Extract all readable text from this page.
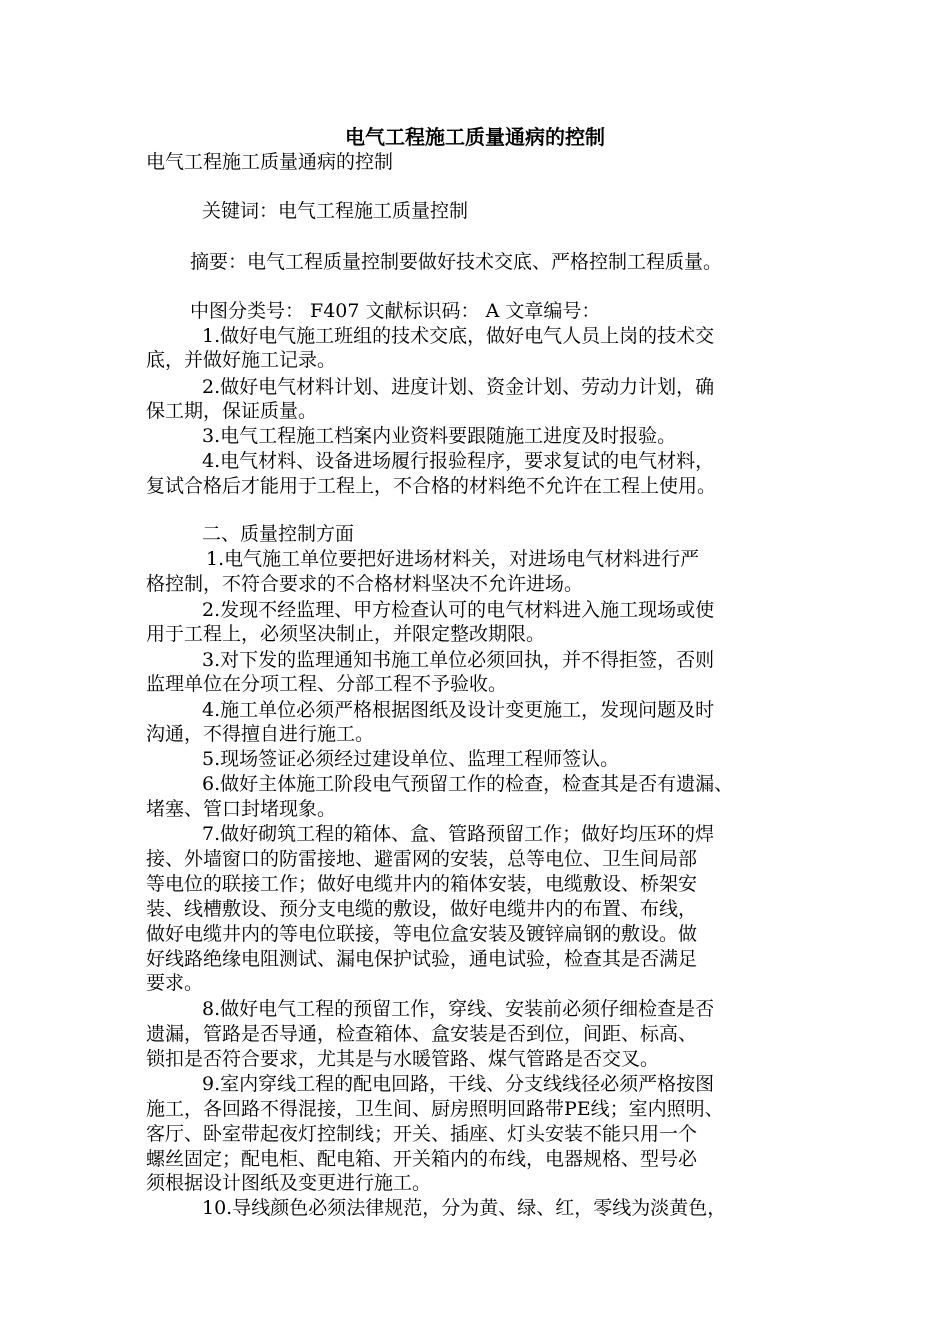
电气工程施工质量通病的控制
电气工程施工质量通病的控制
关键词：电气工程施工质量控制
摘要：电气工程质量控制要做好技术交底、严格控制工程质量。
中图分类号： F407 文献标识码： A 文章编号：
1.做好电气施工班组的技术交底，做好电气人员上岗的技术交
底，并做好施工记录。
2.做好电气材料计划、进度计划、资金计划、劳动力计划，确
保工期，保证质量。
3.电气工程施工档案内业资料要跟随施工进度及时报验。
4.电气材料、设备进场履行报验程序，要求复试的电气材料，
复试合格后才能用于工程上，不合格的材料绝不允许在工程上使用。
二、质量控制方面
1.电气施工单位要把好进场材料关，对进场电气材料进行严
格控制，不符合要求的不合格材料坚决不允许进场。
2.发现不经监理、甲方检查认可的电气材料进入施工现场或使
用于工程上，必须坚决制止，并限定整改期限。
3.对下发的监理通知书施工单位必须回执，并不得拒签，否则
监理单位在分项工程、分部工程不予验收。
4.施工单位必须严格根据图纸及设计变更施工，发现问题及时
沟通，不得擅自进行施工。
5.现场签证必须经过建设单位、监理工程师签认。
6.做好主体施工阶段电气预留工作的检查，检查其是否有遗漏、
堵塞、管口封堵现象。
7.做好砌筑工程的箱体、盒、管路预留工作；做好均压环的焊
接、外墙窗口的防雷接地、避雷网的安装，总等电位、卫生间局部
等电位的联接工作；做好电缆井内的箱体安装，电缆敷设、桥架安
装、线槽敷设、预分支电缆的敷设，做好电缆井内的布置、布线，
做好电缆井内的等电位联接，等电位盒安装及镀锌扁钢的敷设。做
好线路绝缘电阻测试、漏电保护试验，通电试验，检查其是否满足
要求。
8.做好电气工程的预留工作，穿线、安装前必须仔细检查是否
遗漏，管路是否导通，检查箱体、盒安装是否到位，间距、标高、
锁扣是否符合要求，尤其是与水暖管路、煤气管路是否交叉。
9.室内穿线工程的配电回路，干线、分支线线径必须严格按图
施工，各回路不得混接，卫生间、厨房照明回路带PE线；室内照明、
客厅、卧室带起夜灯控制线；开关、插座、灯头安装不能只用一个
螺丝固定；配电柜、配电箱、开关箱内的布线，电器规格、型号必
须根据设计图纸及变更进行施工。
10.导线颜色必须法律规范，分为黄、绿、红，零线为淡黄色，
